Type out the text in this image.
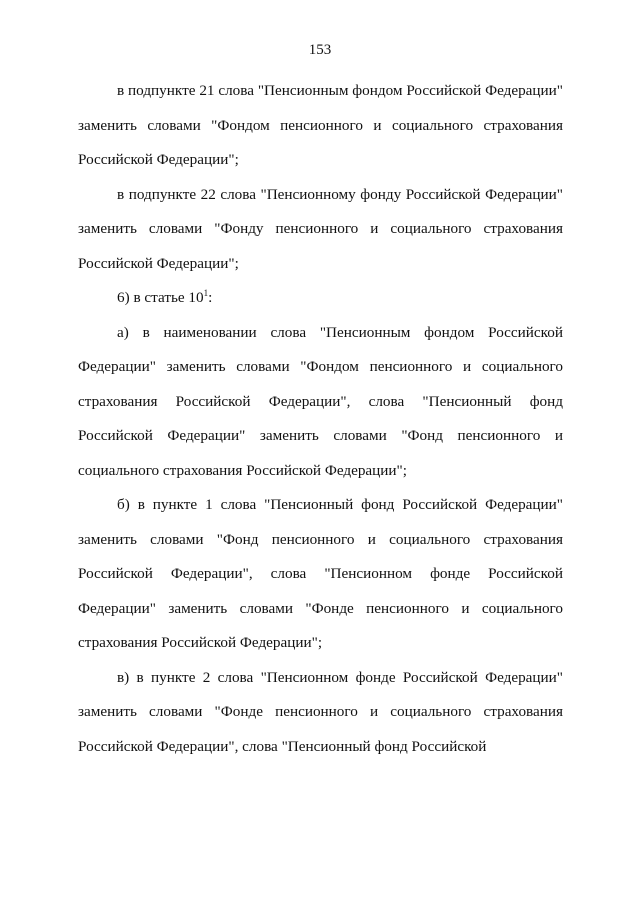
153

в подпункте 21 слова "Пенсионным фондом Российской Федерации" заменить словами "Фондом пенсионного и социального страхования Российской Федерации";

в подпункте 22 слова "Пенсионному фонду Российской Федерации" заменить словами "Фонду пенсионного и социального страхования Российской Федерации";

6) в статье $10^1$:

а) в наименовании слова "Пенсионным фондом Российской Федерации" заменить словами "Фондом пенсионного и социального страхования Российской Федерации", слова "Пенсионный фонд Российской Федерации" заменить словами "Фонд пенсионного и социального страхования Российской Федерации";

б) в пункте 1 слова "Пенсионный фонд Российской Федерации" заменить словами "Фонд пенсионного и социального страхования Российской Федерации", слова "Пенсионном фонде Российской Федерации" заменить словами "Фонде пенсионного и социального страхования Российской Федерации";

в) в пункте 2 слова "Пенсионном фонде Российской Федерации" заменить словами "Фонде пенсионного и социального страхования Российской Федерации", слова "Пенсионный фонд Российской
